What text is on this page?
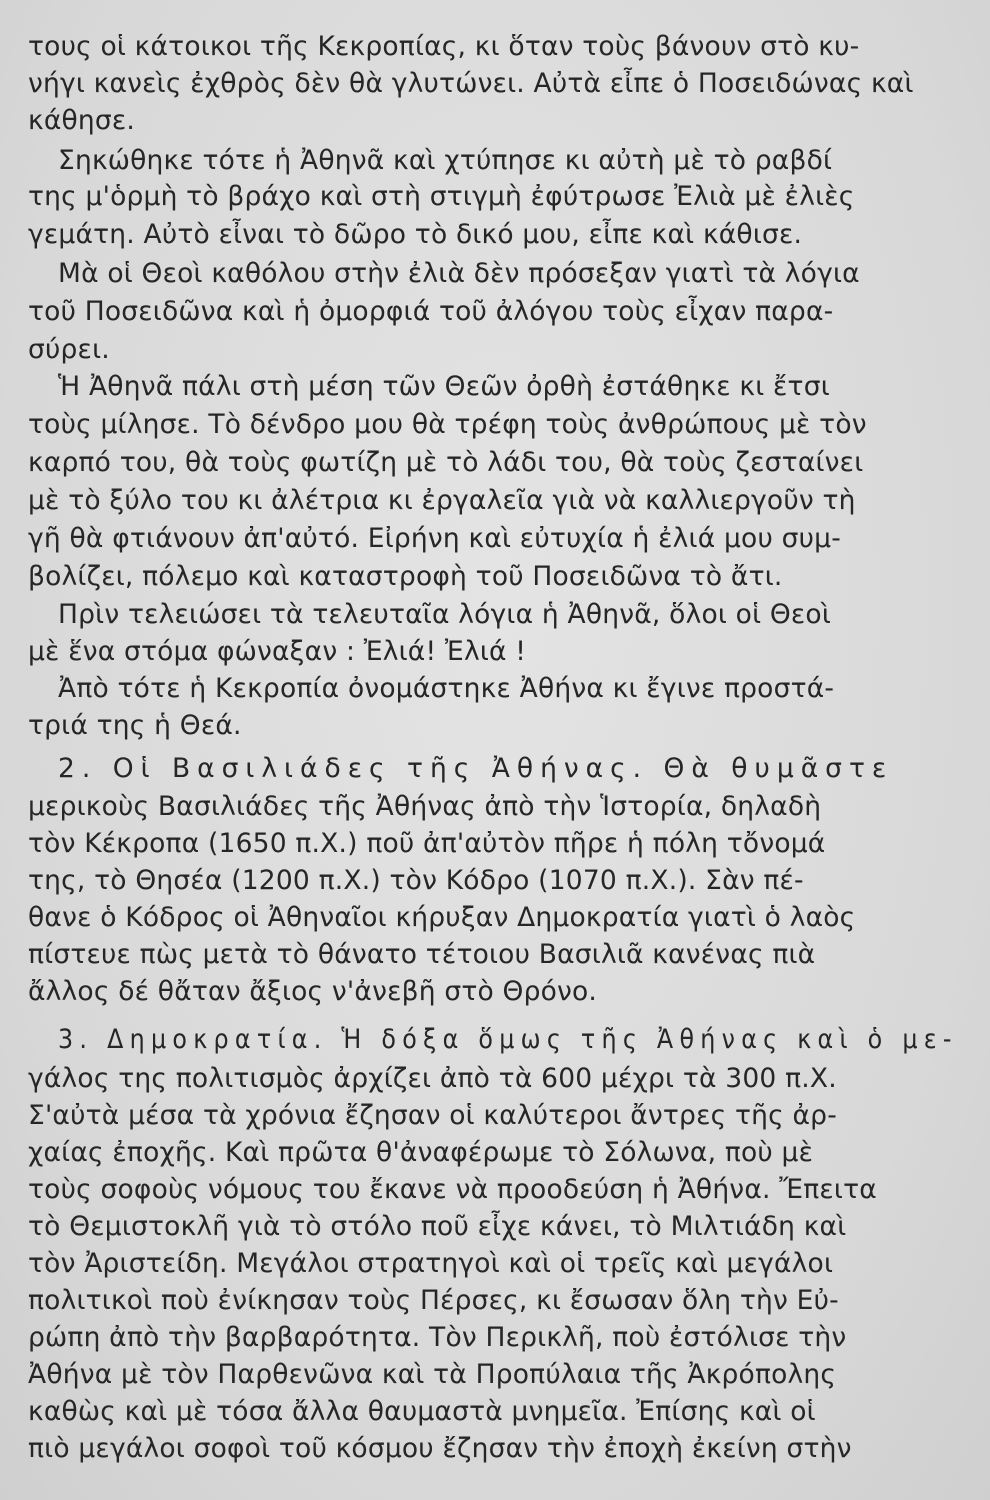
τους οἱ κάτοικοι τῆς Κεκροπίας, κι ὅταν τοὺς βάνουν στὸ κυ-
νήγι κανεὶς ἐχθρὸς δὲν θὰ γλυτώνει. Αὐτὰ εἶπε ὁ Ποσειδώνας καὶ
κάθησε.
Σηκώθηκε τότε ἡ Ἀθηνᾶ καὶ χτύπησε κι αὐτὴ μὲ τὸ ραβδί
της μ'ὁρμὴ τὸ βράχο καὶ στὴ στιγμὴ ἐφύτρωσε Ἐλιὰ μὲ ἐλιὲς
γεμάτη. Αὐτὸ εἶναι τὸ δῶρο τὸ δικό μου, εἶπε καὶ κάθισε.
Μὰ οἱ Θεοὶ καθόλου στὴν ἐλιὰ δὲν πρόσεξαν γιατὶ τὰ λόγια
τοῦ Ποσειδῶνα καὶ ἡ ὀμορφιά τοῦ ἀλόγου τοὺς εἶχαν παρα-
σύρει.
Ἡ Ἀθηνᾶ πάλι στὴ μέση τῶν Θεῶν ὀρθὴ ἐστάθηκε κι ἔτσι
τοὺς μίλησε. Τὸ δένδρο μου θὰ τρέφη τοὺς ἀνθρώπους μὲ τὸν
καρπό του, θὰ τοὺς φωτίζη μὲ τὸ λάδι του, θὰ τοὺς ζεσταίνει
μὲ τὸ ξύλο του κι ἀλέτρια κι ἐργαλεῖα γιὰ νὰ καλλιεργοῦν τὴ
γῆ θὰ φτιάνουν ἀπ'αὐτό. Εἰρήνη καὶ εὐτυχία ἡ ἐλιά μου συμ-
βολίζει, πόλεμο καὶ καταστροφὴ τοῦ Ποσειδῶνα τὸ ἄτι.
Πρὶν τελειώσει τὰ τελευταῖα λόγια ἡ Ἀθηνᾶ, ὅλοι οἱ Θεοὶ
μὲ ἕνα στόμα φώναξαν : Ἐλιά! Ἐλιά !
Ἀπὸ τότε ἡ Κεκροπία ὀνομάστηκε Ἀθήνα κι ἔγινε προστά-
τριά της ἡ Θεά.
2. Οἱ Βασιλιάδες τῆς Ἀθήνας. Θὰ θυμᾶστε
μερικοὺς Βασιλιάδες τῆς Ἀθήνας ἀπὸ τὴν Ἱστορία, δηλαδὴ
τὸν Κέκροπα (1650 π.Χ.) ποῦ ἀπ'αὐτὸν πῆρε ἡ πόλη τὄνομά
της, τὸ Θησέα (1200 π.Χ.) τὸν Κόδρο (1070 π.Χ.). Σὰν πέ-
θανε ὁ Κόδρος οἱ Ἀθηναῖοι κήρυξαν Δημοκρατία γιατὶ ὁ λαὸς
πίστευε πὼς μετὰ τὸ θάνατο τέτοιου Βασιλιᾶ κανένας πιὰ
ἄλλος δέ θἄταν ἄξιος ν'ἀνεβῆ στὸ Θρόνο.
3. Δημοκρατία. Ἡ δόξα ὅμως τῆς Ἀθήνας καὶ ὁ με-
γάλος της πολιτισμὸς ἀρχίζει ἀπὸ τὰ 600 μέχρι τὰ 300 π.Χ.
Σ'αὐτὰ μέσα τὰ χρόνια ἔζησαν οἱ καλύτεροι ἄντρες τῆς ἀρ-
χαίας ἐποχῆς. Καὶ πρῶτα θ'ἀναφέρωμε τὸ Σόλωνα, ποὺ μὲ
τοὺς σοφοὺς νόμους του ἔκανε νὰ προοδεύση ἡ Ἀθήνα. Ἔπειτα
τὸ Θεμιστοκλῆ γιὰ τὸ στόλο ποῦ εἶχε κάνει, τὸ Μιλτιάδη καὶ
τὸν Ἀριστείδη. Μεγάλοι στρατηγοὶ καὶ οἱ τρεῖς καὶ μεγάλοι
πολιτικοὶ ποὺ ἐνίκησαν τοὺς Πέρσες, κι ἔσωσαν ὅλη τὴν Εὐ-
ρώπη ἀπὸ τὴν βαρβαρότητα. Τὸν Περικλῆ, ποὺ ἐστόλισε τὴν
Ἀθήνα μὲ τὸν Παρθενῶνα καὶ τὰ Προπύλαια τῆς Ἀκρόπολης
καθὼς καὶ μὲ τόσα ἄλλα θαυμαστὰ μνημεῖα. Ἐπίσης καὶ οἱ
πιὸ μεγάλοι σοφοὶ τοῦ κόσμου ἔζησαν τὴν ἐποχὴ ἐκείνη στὴν
